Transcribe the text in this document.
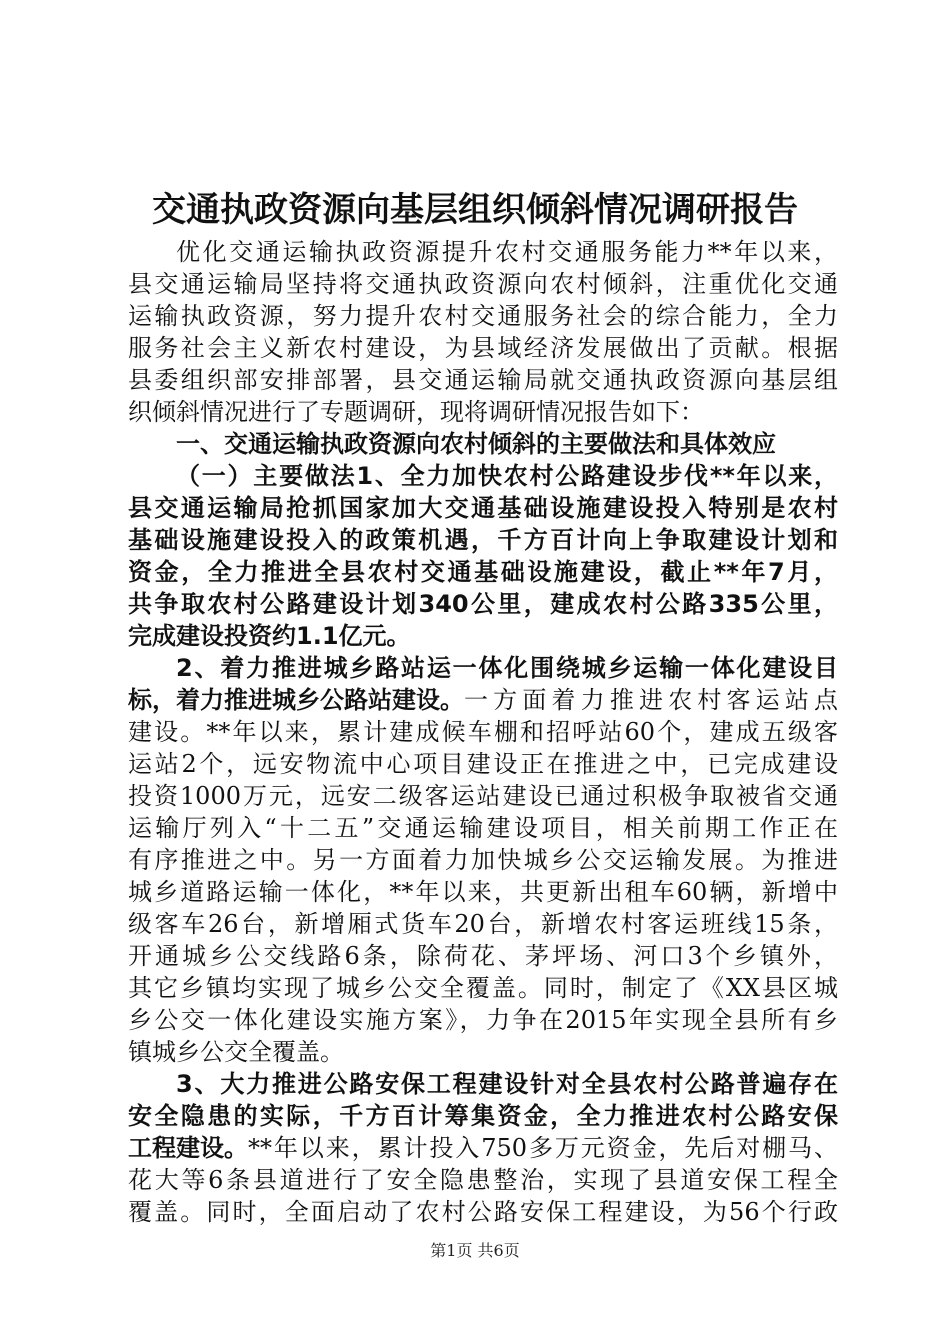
交通执政资源向基层组织倾斜情况调研报告
优化交通运输执政资源提升农村交通服务能力**年以来，
县交通运输局坚持将交通执政资源向农村倾斜，注重优化交通
运输执政资源，努力提升农村交通服务社会的综合能力，全力
服务社会主义新农村建设，为县域经济发展做出了贡献。根据
县委组织部安排部署，县交通运输局就交通执政资源向基层组
织倾斜情况进行了专题调研，现将调研情况报告如下：
一、交通运输执政资源向农村倾斜的主要做法和具体效应
（一）主要做法1、全力加快农村公路建设步伐**年以来，
县交通运输局抢抓国家加大交通基础设施建设投入特别是农村
基础设施建设投入的政策机遇，千方百计向上争取建设计划和
资金，全力推进全县农村交通基础设施建设，截止**年7月，
共争取农村公路建设计划340公里，建成农村公路335公里，
完成建设投资约1.1亿元。
2、着力推进城乡路站运一体化围绕城乡运输一体化建设目
标，着力推进城乡公路站建设。 一方面着力推进农村客运站点
建设。**年以来，累计建成候车棚和招呼站60个，建成五级客
运站2个，远安物流中心项目建设正在推进之中，已完成建设
投资1000万元，远安二级客运站建设已通过积极争取被省交通
运输厅列入“十二五”交通运输建设项目，相关前期工作正在
有序推进之中。另一方面着力加快城乡公交运输发展。为推进
城乡道路运输一体化，**年以来，共更新出租车60辆，新增中
级客车26台，新增厢式货车20台，新增农村客运班线15条，
开通城乡公交线路6条，除荷花、茅坪场、河口3个乡镇外，
其它乡镇均实现了城乡公交全覆盖。同时，制定了《XX县区城
乡公交一体化建设实施方案》，力争在2015年实现全县所有乡
镇城乡公交全覆盖。
3、大力推进公路安保工程建设针对全县农村公路普遍存在
安全隐患的实际，千方百计筹集资金，全力推进农村公路安保
工程建设。 **年以来，累计投入750多万元资金，先后对棚马、
花大等6条县道进行了安全隐患整治，实现了县道安保工程全
覆盖。同时，全面启动了农村公路安保工程建设，为56个行政
第1页 共6页
